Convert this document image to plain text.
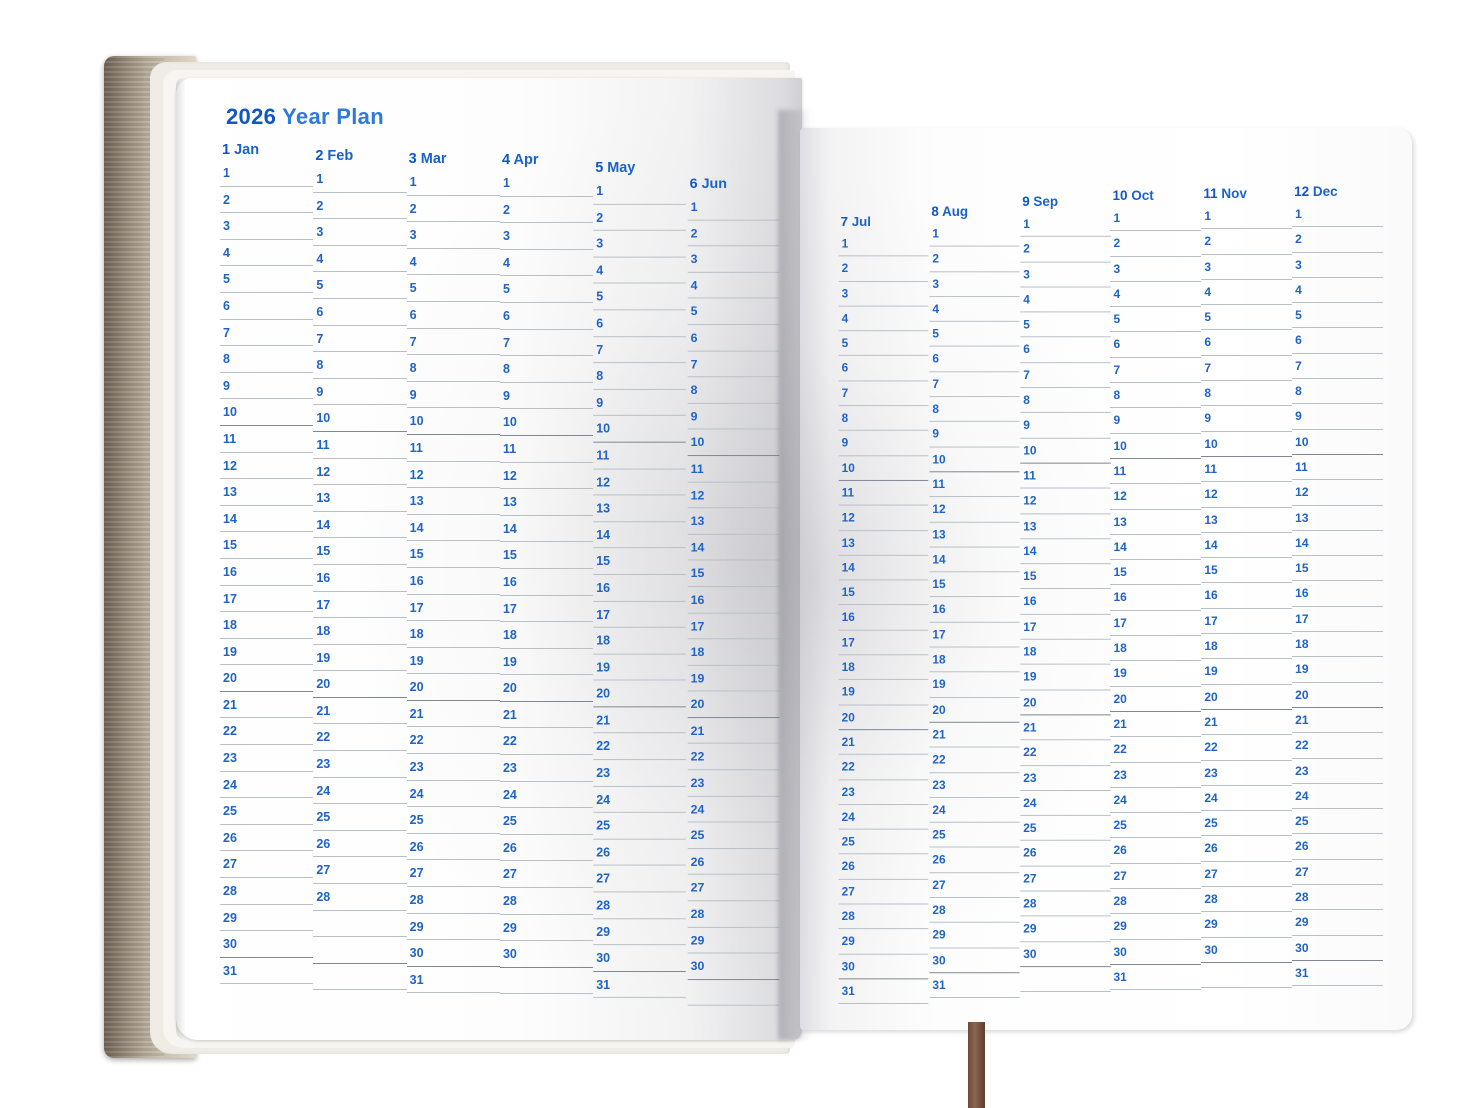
2026 Year Plan
1 Jan
1
2
3
4
5
6
7
8
9
10
11
12
13
14
15
16
17
18
19
20
21
22
23
24
25
26
27
28
29
30
31
2 Feb
1
2
3
4
5
6
7
8
9
10
11
12
13
14
15
16
17
18
19
20
21
22
23
24
25
26
27
28
3 Mar
1
2
3
4
5
6
7
8
9
10
11
12
13
14
15
16
17
18
19
20
21
22
23
24
25
26
27
28
29
30
31
4 Apr
1
2
3
4
5
6
7
8
9
10
11
12
13
14
15
16
17
18
19
20
21
22
23
24
25
26
27
28
29
30
5 May
1
2
3
4
5
6
7
8
9
10
11
12
13
14
15
16
17
18
19
20
21
22
23
24
25
26
27
28
29
30
31
6 Jun
1
2
3
4
5
6
7
8
9
10
11
12
13
14
15
16
17
18
19
20
21
22
23
24
25
26
27
28
29
30
7 Jul
1
2
3
4
5
6
7
8
9
10
11
12
13
14
15
16
17
18
19
20
21
22
23
24
25
26
27
28
29
30
31
8 Aug
1
2
3
4
5
6
7
8
9
10
11
12
13
14
15
16
17
18
19
20
21
22
23
24
25
26
27
28
29
30
31
9 Sep
1
2
3
4
5
6
7
8
9
10
11
12
13
14
15
16
17
18
19
20
21
22
23
24
25
26
27
28
29
30
10 Oct
1
2
3
4
5
6
7
8
9
10
11
12
13
14
15
16
17
18
19
20
21
22
23
24
25
26
27
28
29
30
31
11 Nov
1
2
3
4
5
6
7
8
9
10
11
12
13
14
15
16
17
18
19
20
21
22
23
24
25
26
27
28
29
30
12 Dec
1
2
3
4
5
6
7
8
9
10
11
12
13
14
15
16
17
18
19
20
21
22
23
24
25
26
27
28
29
30
31
